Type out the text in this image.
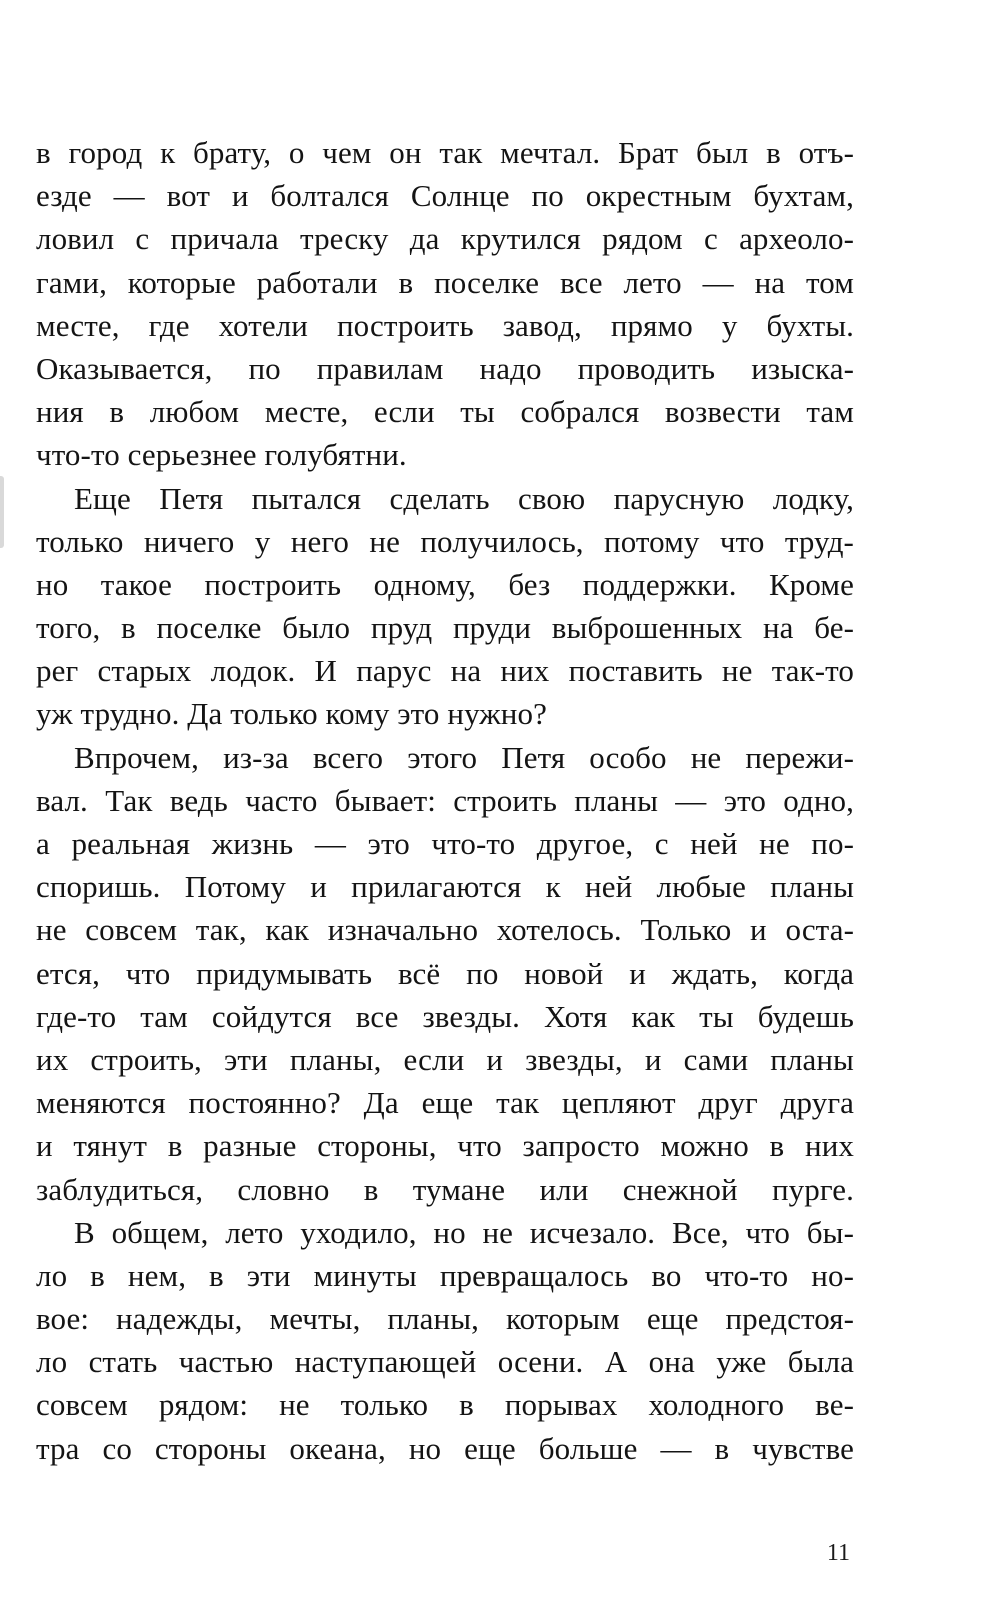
в город к брату, о чем он так мечтал. Брат был в отъ-
езде — вот и болтался Солнце по окрестным бухтам,
ловил с причала треску да крутился рядом с археоло-
гами, которые работали в поселке все лето — на том
месте, где хотели построить завод, прямо у бухты.
Оказывается, по правилам надо проводить изыска-
ния в любом месте, если ты собрался возвести там
что-то серьезнее голубятни.
Еще Петя пытался сделать свою парусную лодку,
только ничего у него не получилось, потому что труд-
но такое построить одному, без поддержки. Кроме
того, в поселке было пруд пруди выброшенных на бе-
рег старых лодок. И парус на них поставить не так-то
уж трудно. Да только кому это нужно?
Впрочем, из-за всего этого Петя особо не пережи-
вал. Так ведь часто бывает: строить планы — это одно,
а реальная жизнь — это что-то другое, с ней не по-
споришь. Потому и прилагаются к ней любые планы
не совсем так, как изначально хотелось. Только и оста-
ется, что придумывать всё по новой и ждать, когда
где-то там сойдутся все звезды. Хотя как ты будешь
их строить, эти планы, если и звезды, и сами планы
меняются постоянно? Да еще так цепляют друг друга
и тянут в разные стороны, что запросто можно в них
заблудиться, словно в тумане или снежной пурге.
В общем, лето уходило, но не исчезало. Все, что бы-
ло в нем, в эти минуты превращалось во что-то но-
вое: надежды, мечты, планы, которым еще предстоя-
ло стать частью наступающей осени. А она уже была
совсем рядом: не только в порывах холодного ве-
тра со стороны океана, но еще больше — в чувстве
11
